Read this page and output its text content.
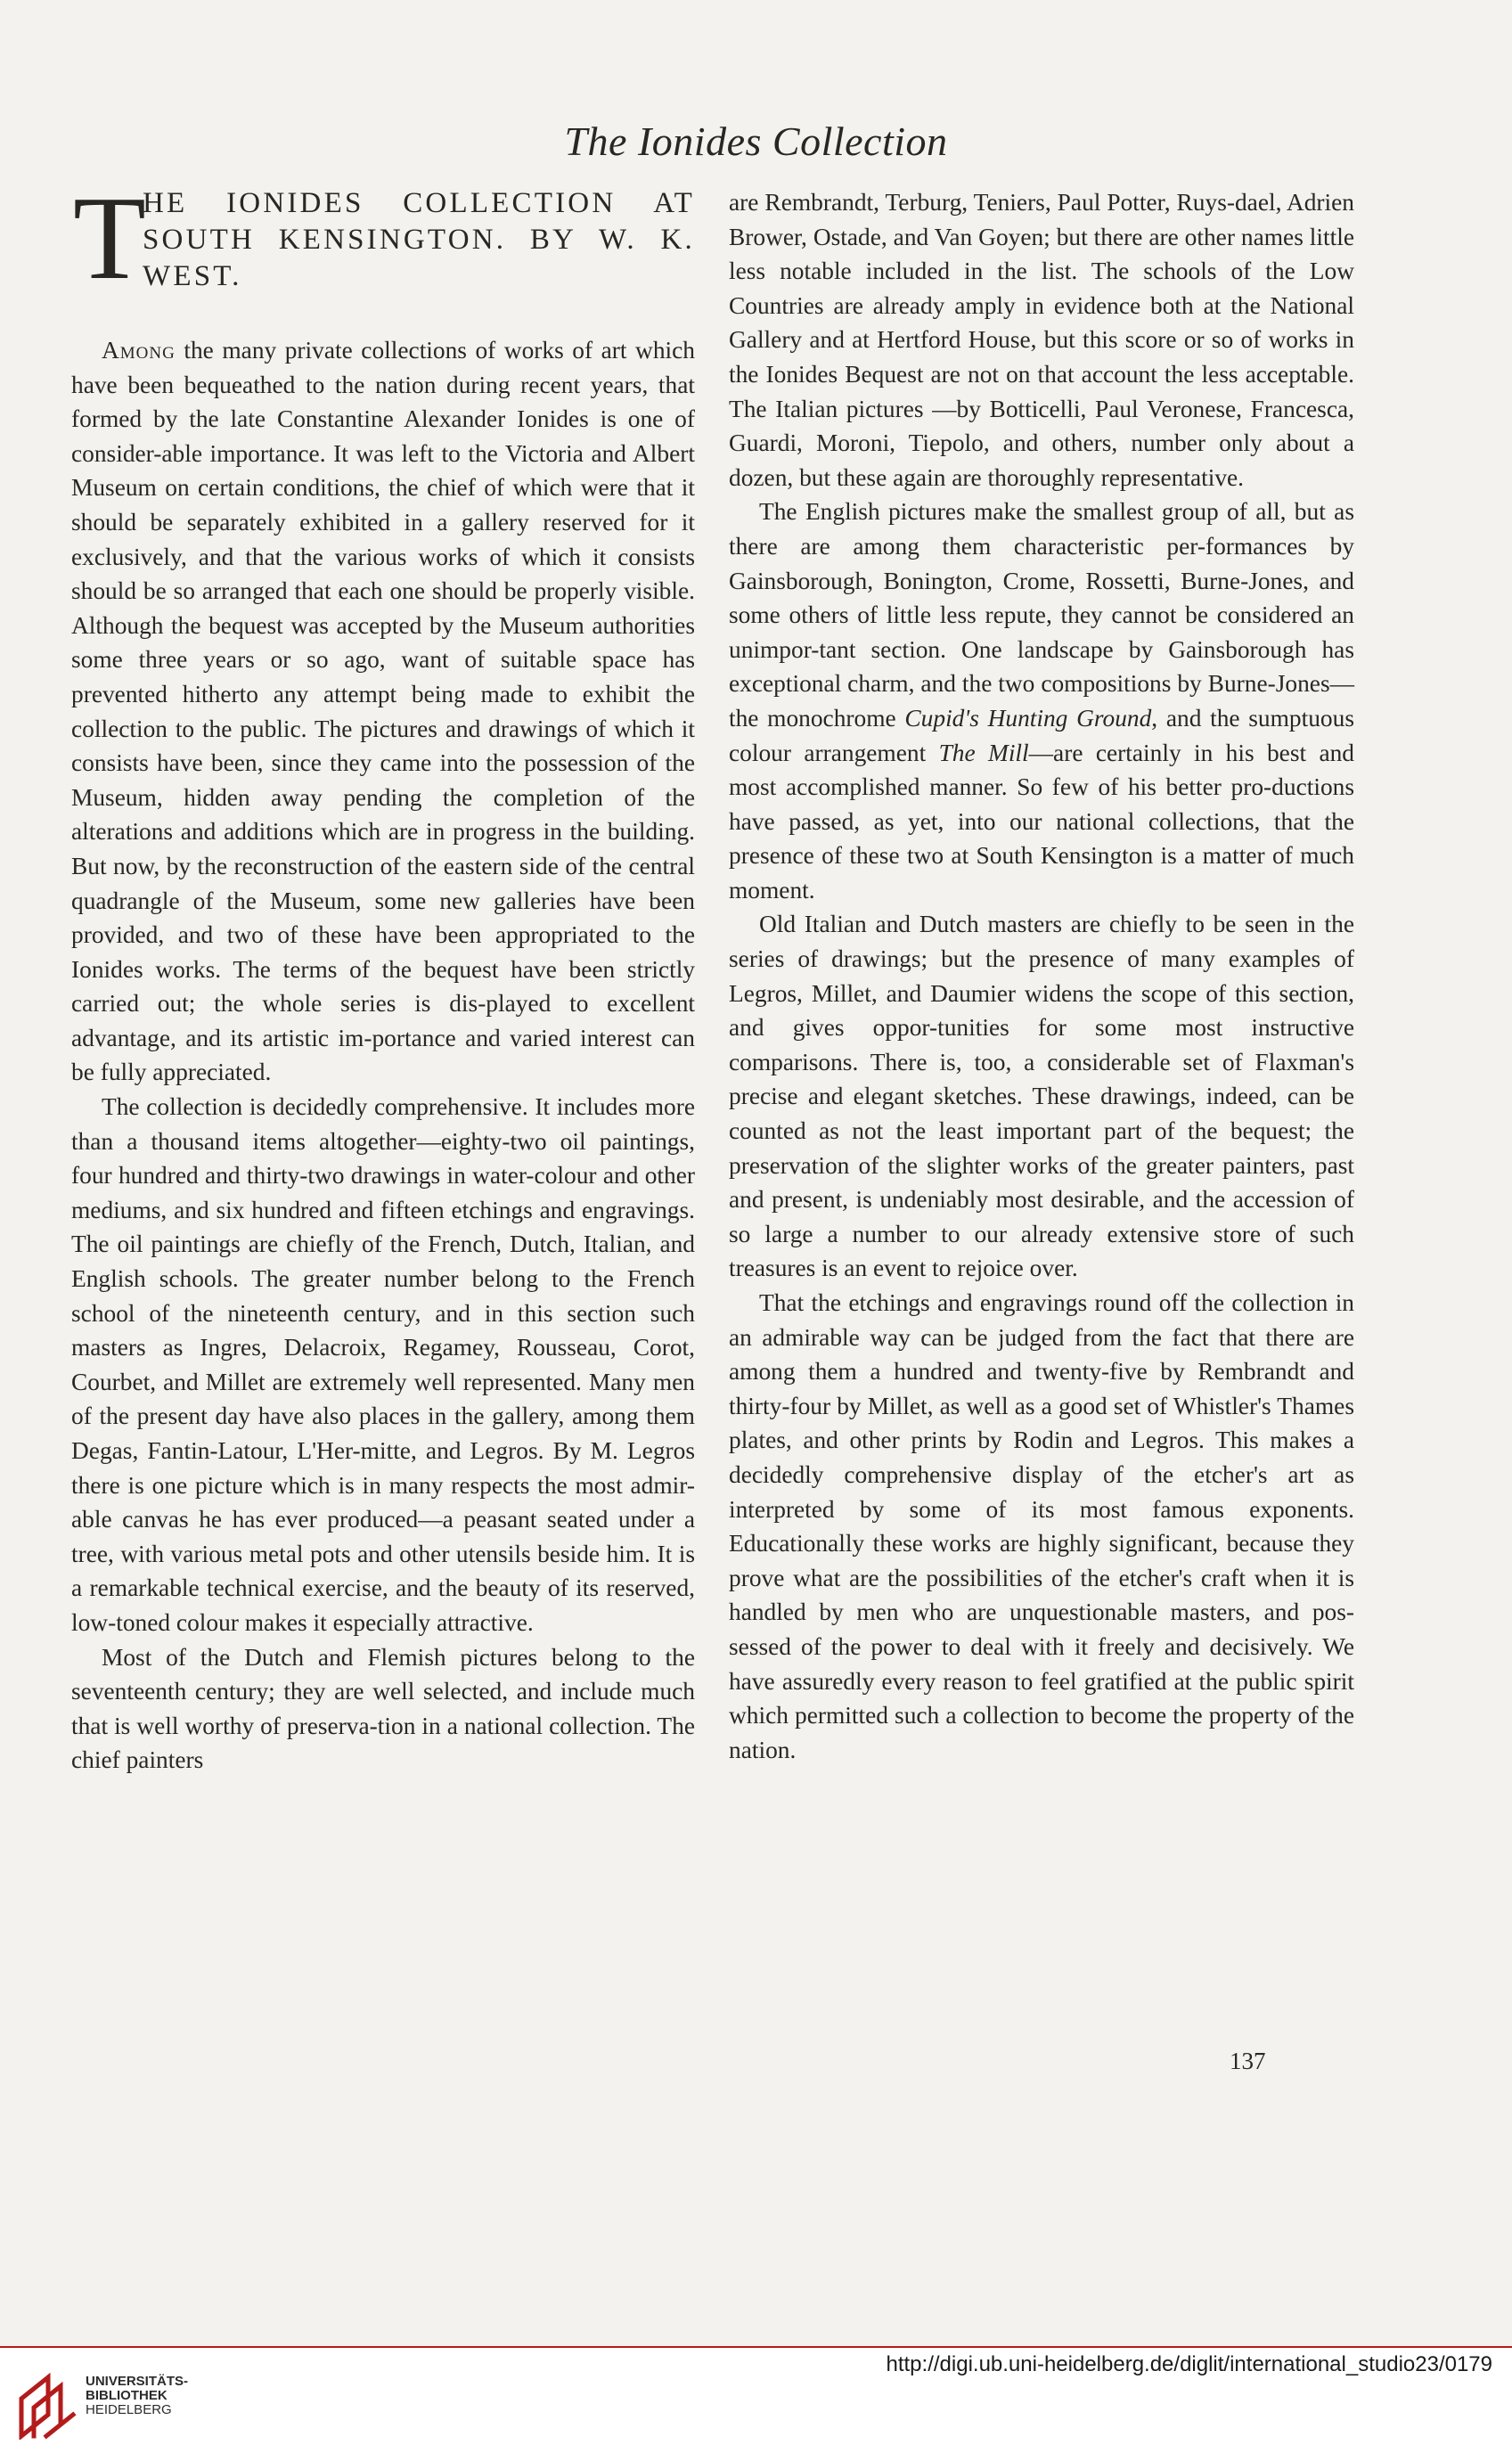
The Ionides Collection
T
HE IONIDES COLLECTION AT SOUTH KENSINGTON. BY W. K. WEST.

Among the many private collections of works of art which have been bequeathed to the nation during recent years, that formed by the late Constantine Alexander Ionides is one of consider-able importance. It was left to the Victoria and Albert Museum on certain conditions, the chief of which were that it should be separately exhibited in a gallery reserved for it exclusively, and that the various works of which it consists should be so arranged that each one should be properly visible. Although the bequest was accepted by the Museum authorities some three years or so ago, want of suitable space has prevented hitherto any attempt being made to exhibit the collection to the public. The pictures and drawings of which it consists have been, since they came into the possession of the Museum, hidden away pending the completion of the alterations and additions which are in progress in the building. But now, by the reconstruction of the eastern side of the central quadrangle of the Museum, some new galleries have been provided, and two of these have been appropriated to the Ionides works. The terms of the bequest have been strictly carried out; the whole series is dis-played to excellent advantage, and its artistic im-portance and varied interest can be fully appreciated.

The collection is decidedly comprehensive. It includes more than a thousand items altogether—eighty-two oil paintings, four hundred and thirty-two drawings in water-colour and other mediums, and six hundred and fifteen etchings and engravings. The oil paintings are chiefly of the French, Dutch, Italian, and English schools. The greater number belong to the French school of the nineteenth century, and in this section such masters as Ingres, Delacroix, Regamey, Rousseau, Corot, Courbet, and Millet are extremely well represented. Many men of the present day have also places in the gallery, among them Degas, Fantin-Latour, L'Her-mitte, and Legros. By M. Legros there is one picture which is in many respects the most admir-able canvas he has ever produced—a peasant seated under a tree, with various metal pots and other utensils beside him. It is a remarkable technical exercise, and the beauty of its reserved, low-toned colour makes it especially attractive.

Most of the Dutch and Flemish pictures belong to the seventeenth century; they are well selected, and include much that is well worthy of preserva-tion in a national collection. The chief painters

are Rembrandt, Terburg, Teniers, Paul Potter, Ruys-dael, Adrien Brower, Ostade, and Van Goyen; but there are other names little less notable included in the list. The schools of the Low Countries are already amply in evidence both at the National Gallery and at Hertford House, but this score or so of works in the Ionides Bequest are not on that account the less acceptable. The Italian pictures —by Botticelli, Paul Veronese, Francesca, Guardi, Moroni, Tiepolo, and others, number only about a dozen, but these again are thoroughly representative.

The English pictures make the smallest group of all, but as there are among them characteristic per-formances by Gainsborough, Bonington, Crome, Rossetti, Burne-Jones, and some others of little less repute, they cannot be considered an unimpor-tant section. One landscape by Gainsborough has exceptional charm, and the two compositions by Burne-Jones—the monochrome Cupid's Hunting Ground, and the sumptuous colour arrangement The Mill—are certainly in his best and most accomplished manner. So few of his better pro-ductions have passed, as yet, into our national collections, that the presence of these two at South Kensington is a matter of much moment.

Old Italian and Dutch masters are chiefly to be seen in the series of drawings; but the presence of many examples of Legros, Millet, and Daumier widens the scope of this section, and gives oppor-tunities for some most instructive comparisons. There is, too, a considerable set of Flaxman's precise and elegant sketches. These drawings, indeed, can be counted as not the least important part of the bequest; the preservation of the slighter works of the greater painters, past and present, is undeniably most desirable, and the accession of so large a number to our already extensive store of such treasures is an event to rejoice over.

That the etchings and engravings round off the collection in an admirable way can be judged from the fact that there are among them a hundred and twenty-five by Rembrandt and thirty-four by Millet, as well as a good set of Whistler's Thames plates, and other prints by Rodin and Legros. This makes a decidedly comprehensive display of the etcher's art as interpreted by some of its most famous exponents. Educationally these works are highly significant, because they prove what are the possibilities of the etcher's craft when it is handled by men who are unquestionable masters, and pos-sessed of the power to deal with it freely and decisively. We have assuredly every reason to feel gratified at the public spirit which permitted such a collection to become the property of the nation.

137
UNIVERSITÄTS-
BIBLIOTHEK
HEIDELBERG
http://digi.ub.uni-heidelberg.de/diglit/international_studio23/0179
